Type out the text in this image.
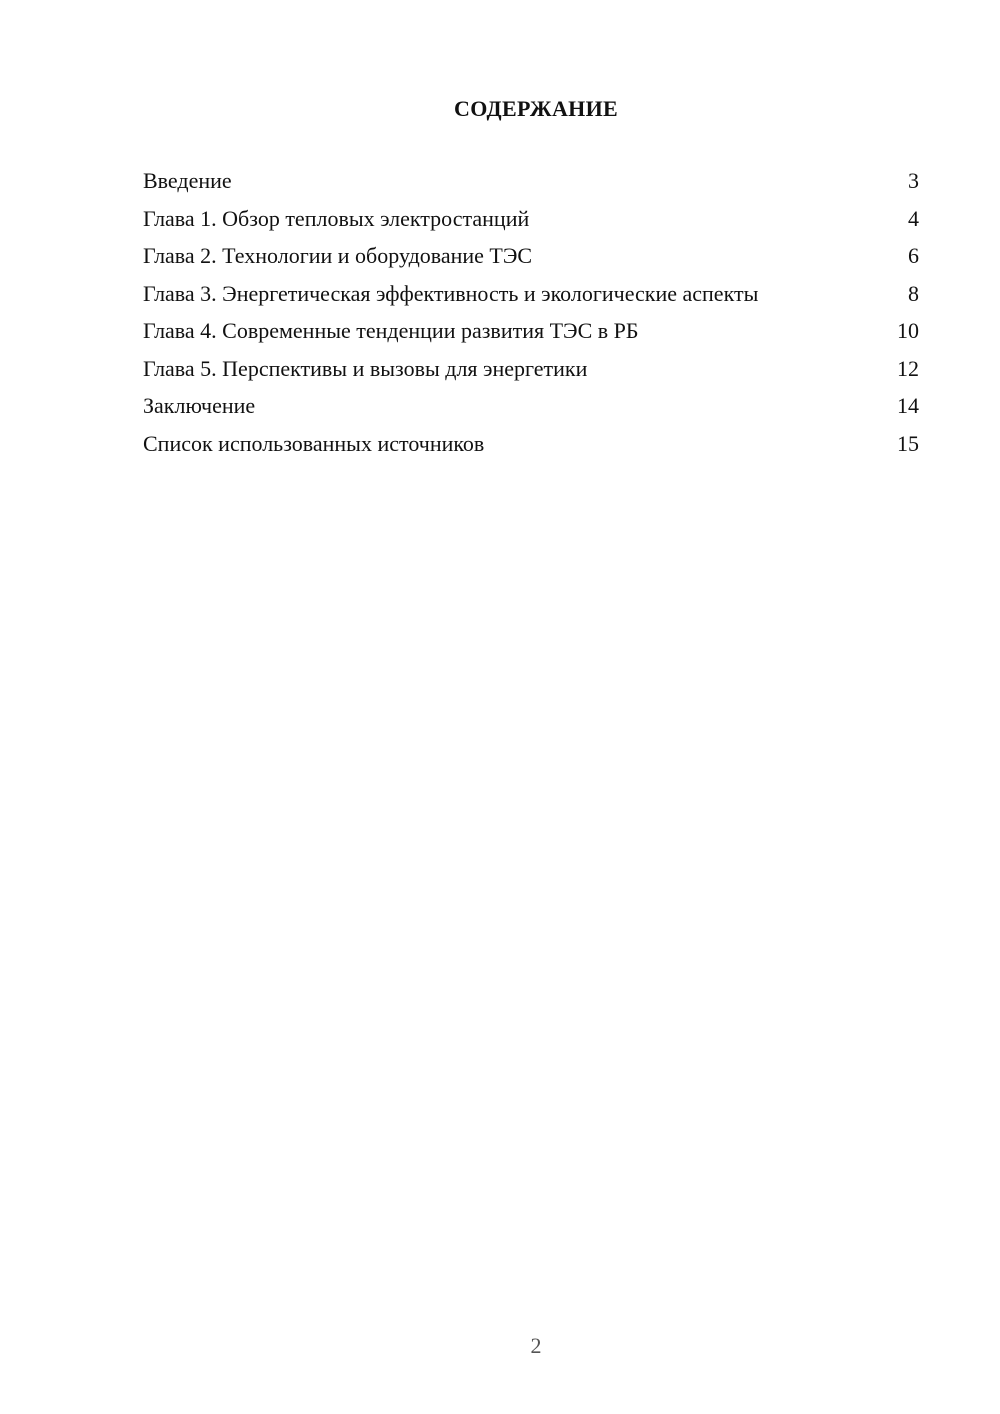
СОДЕРЖАНИЕ
Введение	3
Глава 1. Обзор тепловых электростанций	4
Глава 2. Технологии и оборудование ТЭС	6
Глава 3. Энергетическая эффективность и экологические аспекты	8
Глава 4. Современные тенденции развития ТЭС в РБ	10
Глава 5. Перспективы и вызовы для энергетики	12
Заключение	14
Список использованных источников	15
2
